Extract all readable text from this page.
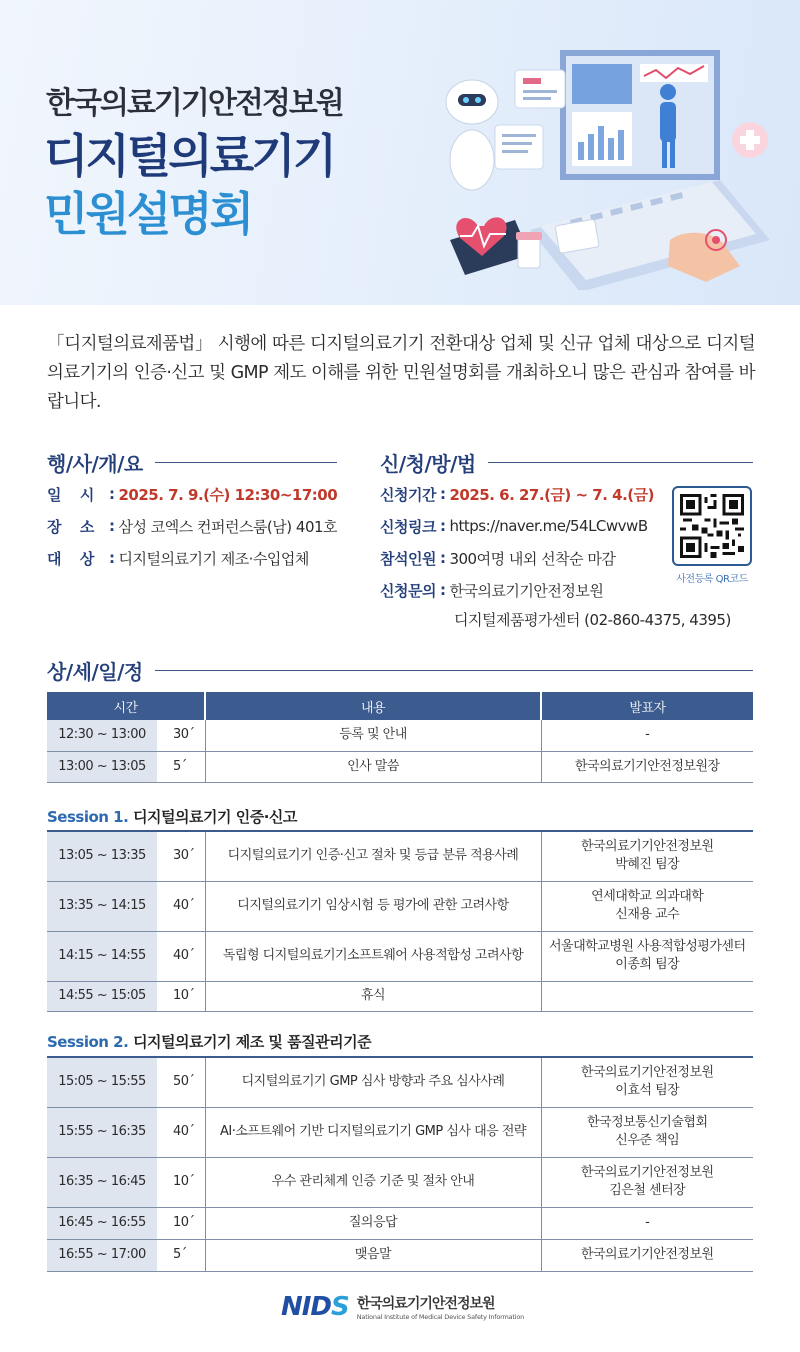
한국의료기기안전정보원
디지털의료기기
민원설명회
「디지털의료제품법」 시행에 따른 디지털의료기기 전환대상 업체 및 신규 업체 대상으로 디지털의료기기의 인증·신고 및 GMP 제도 이해를 위한 민원설명회를 개최하오니 많은 관심과 참여를 바랍니다.
행/사/개/요
일    시	: 2025. 7. 9.(수) 12:30~17:00
장    소	: 삼성 코엑스 컨퍼런스룸(남) 401호
대    상	: 디지털의료기기 제조·수입업체
신/청/방/법
신청기간 : 2025. 6. 27.(금) ~ 7. 4.(금)
신청링크 : https://naver.me/54LCwvwB
참석인원 : 300여명 내외 선착순 마감
신청문의 : 한국의료기기안전정보원
디지털제품평가센터 (02-860-4375, 4395)
사전등록 QR코드
상/세/일/정
시간		내용	발표자
12:30 ~ 13:00	30´	등록 및 안내	-

13:00 ~ 13:05	5´	인사 말씀	한국의료기기안전정보원장
Session 1. 디지털의료기기 인증·신고
13:05 ~ 13:35	30´	디지털의료기기 인증·신고 절차 및 등급 분류 적용사례	한국의료기기안전정보원
박혜진 팀장

13:35 ~ 14:15	40´	디지털의료기기 임상시험 등 평가에 관한 고려사항	연세대학교 의과대학
신재용 교수

14:15 ~ 14:55	40´	독립형 디지털의료기기소프트웨어 사용적합성 고려사항	서울대학교병원 사용적합성평가센터
이종희 팀장

14:55 ~ 15:05	10´	휴식	
Session 2. 디지털의료기기 제조 및 품질관리기준
15:05 ~ 15:55	50´	디지털의료기기 GMP 심사 방향과 주요 심사사례	한국의료기기안전정보원
이효석 팀장

15:55 ~ 16:35	40´	AI·소프트웨어 기반 디지털의료기기 GMP 심사 대응 전략	한국정보통신기술협회
신우준 책임

16:35 ~ 16:45	10´	우수 관리체계 인증 기준 및 절차 안내	한국의료기기안전정보원
김은철 센터장

16:45 ~ 16:55	10´	질의응답	-

16:55 ~ 17:00	5´	맺음말	한국의료기기안전정보원
NIDS 한국의료기기안전정보원
National Institute of Medical Device Safety Information
